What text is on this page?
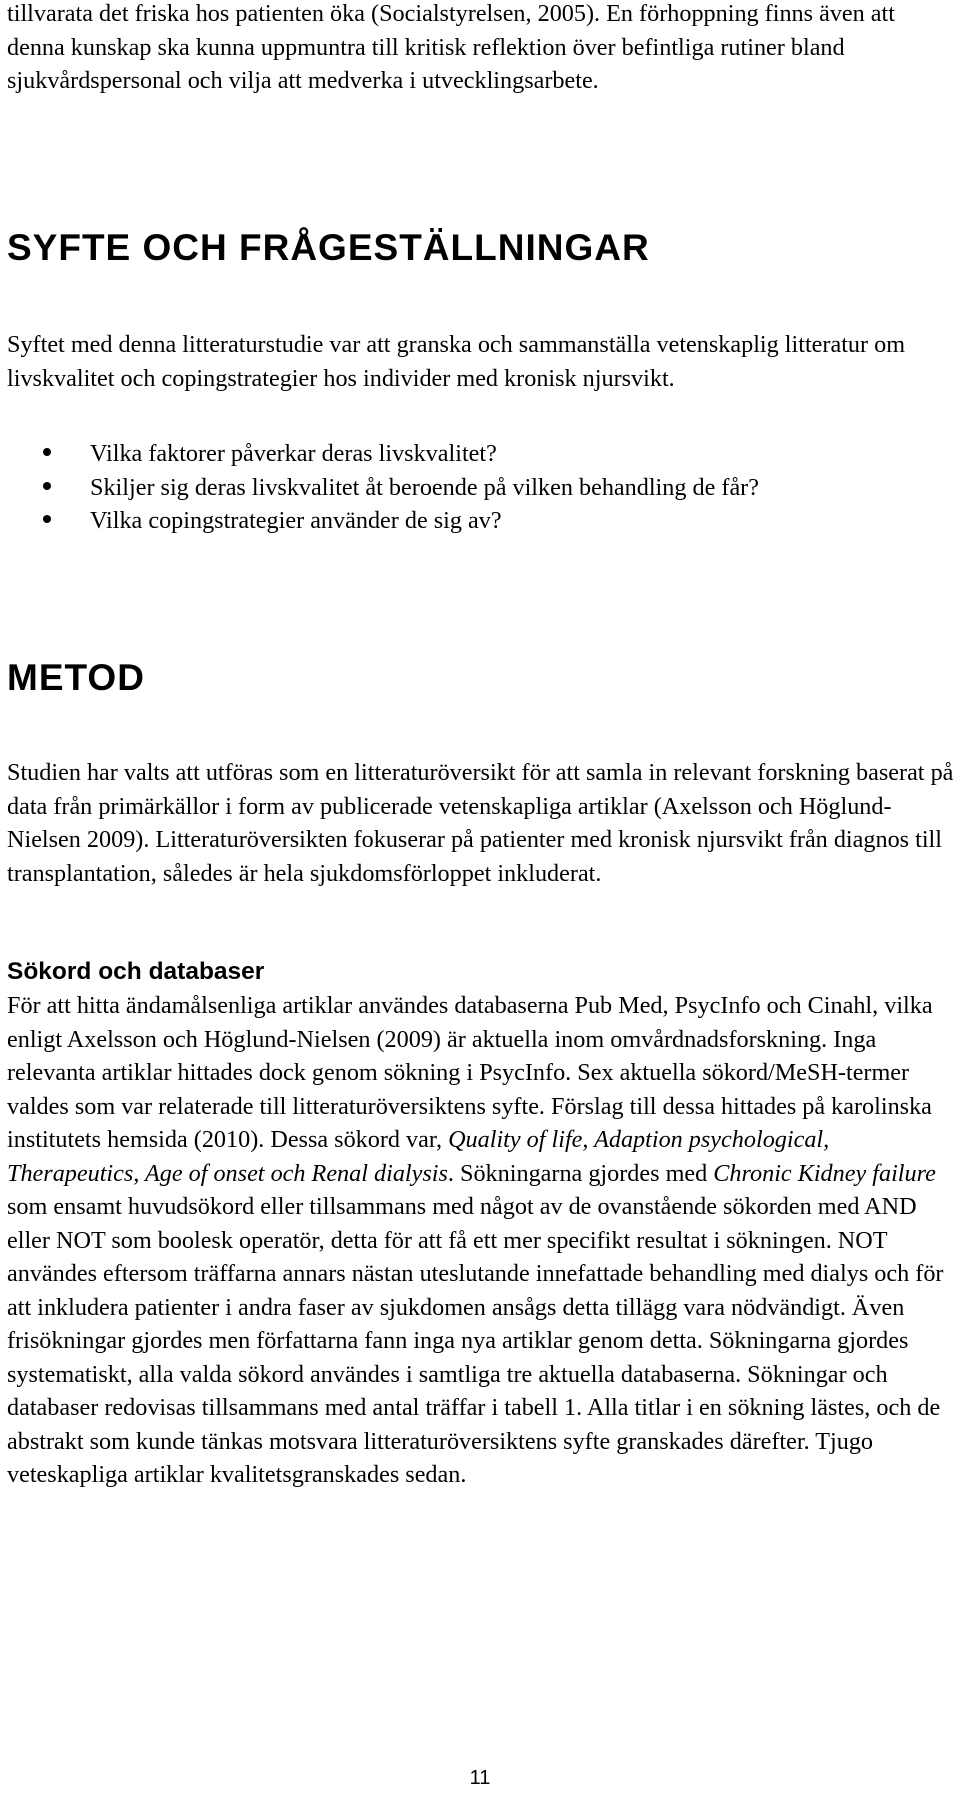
tillvarata det friska hos patienten öka (Socialstyrelsen, 2005). En förhoppning finns även att denna kunskap ska kunna uppmuntra till kritisk reflektion över befintliga rutiner bland sjukvårdspersonal och vilja att medverka i utvecklingsarbete.

SYFTE OCH FRÅGESTÄLLNINGAR

Syftet med denna litteraturstudie var att granska och sammanställa vetenskaplig litteratur om livskvalitet och copingstrategier hos individer med kronisk njursvikt.

Vilka faktorer påverkar deras livskvalitet?
Skiljer sig deras livskvalitet åt beroende på vilken behandling de får?
Vilka copingstrategier använder de sig av?
METOD

Studien har valts att utföras som en litteraturöversikt för att samla in relevant forskning baserat på data från primärkällor i form av publicerade vetenskapliga artiklar (Axelsson och Höglund-Nielsen 2009). Litteraturöversikten fokuserar på patienter med kronisk njursvikt från diagnos till transplantation, således är hela sjukdomsförloppet inkluderat.

Sökord och databaser

För att hitta ändamålsenliga artiklar användes databaserna Pub Med, PsycInfo och Cinahl, vilka enligt Axelsson och Höglund-Nielsen (2009) är aktuella inom omvårdnadsforskning. Inga relevanta artiklar hittades dock genom sökning i PsycInfo. Sex aktuella sökord/MeSH-termer valdes som var relaterade till litteraturöversiktens syfte. Förslag till dessa hittades på karolinska institutets hemsida (2010). Dessa sökord var, Quality of life, Adaption psychological, Therapeutics, Age of onset och Renal dialysis. Sökningarna gjordes med Chronic Kidney failure som ensamt huvudsökord eller tillsammans med något av de ovanstående sökorden med AND eller NOT som boolesk operatör, detta för att få ett mer specifikt resultat i sökningen. NOT användes eftersom träffarna annars nästan uteslutande innefattade behandling med dialys och för att inkludera patienter i andra faser av sjukdomen ansågs detta tillägg vara nödvändigt. Även frisökningar gjordes men författarna fann inga nya artiklar genom detta. Sökningarna gjordes systematiskt, alla valda sökord användes i samtliga tre aktuella databaserna. Sökningar och databaser redovisas tillsammans med antal träffar i tabell 1. Alla titlar i en sökning lästes, och de abstrakt som kunde tänkas motsvara litteraturöversiktens syfte granskades därefter. Tjugo veteskapliga artiklar kvalitetsgranskades sedan.

11
